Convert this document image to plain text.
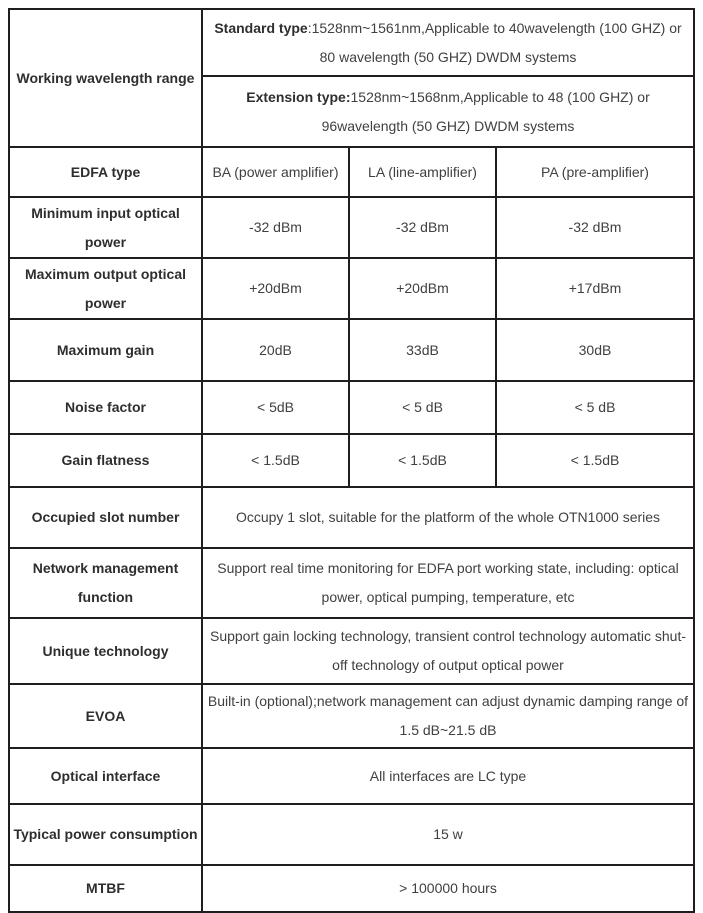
Working wavelength range	Standard type:1528nm~1561nm,Applicable to 40wavelength (100 GHZ) or 80 wavelength (50 GHZ) DWDM systems		
	Extension type:1528nm~1568nm,Applicable to 48 (100 GHZ) or 96wavelength (50 GHZ) DWDM systems		
EDFA type	BA (power amplifier)	LA (line-amplifier)	PA (pre-amplifier)
Minimum input optical power	-32 dBm	-32 dBm	-32 dBm
Maximum output optical power	+20dBm	+20dBm	+17dBm
Maximum gain	20dB	33dB	30dB
Noise factor	< 5dB	< 5 dB	< 5 dB
Gain flatness	< 1.5dB	< 1.5dB	< 1.5dB
Occupied slot number	Occupy 1 slot, suitable for the platform of the whole OTN1000 series		
Network management function	Support real time monitoring for EDFA port working state, including: optical power, optical pumping, temperature, etc		
Unique technology	Support gain locking technology, transient control technology automatic shut-off technology of output optical power		
EVOA	Built-in (optional);network management can adjust dynamic damping range of 1.5 dB~21.5 dB		
Optical interface	All interfaces are LC type		
Typical power consumption	15 w		
MTBF	> 100000 hours		
